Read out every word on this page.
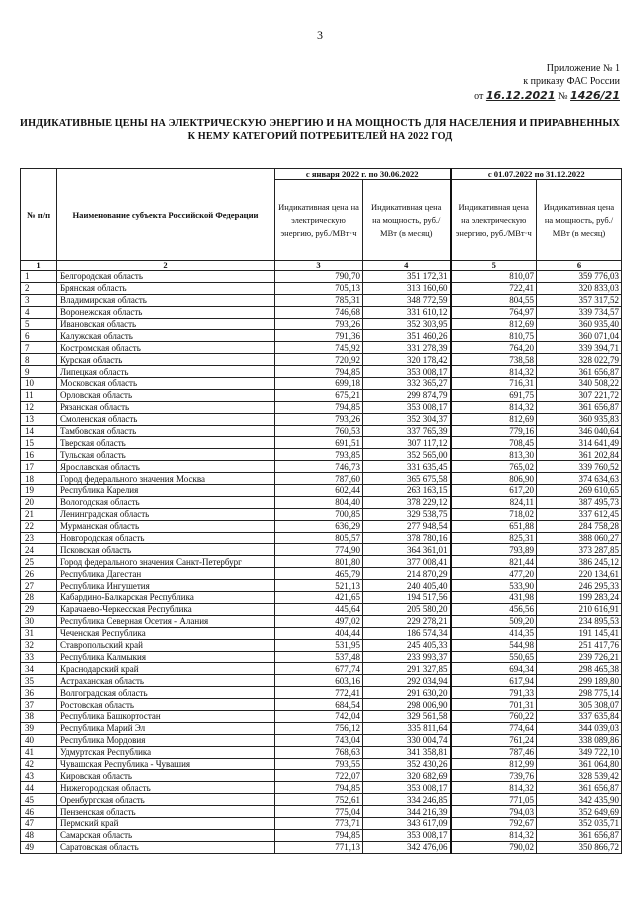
3
Приложение № 1
к приказу ФАС России
от 16.12.2021 № 1426/21
ИНДИКАТИВНЫЕ ЦЕНЫ НА ЭЛЕКТРИЧЕСКУЮ ЭНЕРГИЮ И НА МОЩНОСТЬ ДЛЯ НАСЕЛЕНИЯ И ПРИРАВНЕННЫХ К НЕМУ КАТЕГОРИЙ ПОТРЕБИТЕЛЕЙ НА 2022 ГОД
№ п/п	Наименование субъекта Российской Федерации	с января 2022 г. по 30.06.2022		с 01.07.2022 по 31.12.2022	
		Индикативная цена на электрическую энергию, руб./МВт·ч	Индикативная цена на мощность, руб./МВт (в месяц)	Индикативная цена на электрическую энергию, руб./МВт·ч	Индикативная цена на мощность, руб./МВт (в месяц)
1	2	3	4	5	6
1	Белгородская область	790,70	351 172,31	810,07	359 776,03
2	Брянская область	705,13	313 160,60	722,41	320 833,03
3	Владимирская область	785,31	348 772,59	804,55	357 317,52
4	Воронежская область	746,68	331 610,12	764,97	339 734,57
5	Ивановская область	793,26	352 303,95	812,69	360 935,40
6	Калужская область	791,36	351 460,26	810,75	360 071,04
7	Костромская область	745,92	331 278,39	764,20	339 394,71
8	Курская область	720,92	320 178,42	738,58	328 022,79
9	Липецкая область	794,85	353 008,17	814,32	361 656,87
10	Московская область	699,18	332 365,27	716,31	340 508,22
11	Орловская область	675,21	299 874,79	691,75	307 221,72
12	Рязанская область	794,85	353 008,17	814,32	361 656,87
13	Смоленская область	793,26	352 304,37	812,69	360 935,83
14	Тамбовская область	760,53	337 765,39	779,16	346 040,64
15	Тверская область	691,51	307 117,12	708,45	314 641,49
16	Тульская область	793,85	352 565,00	813,30	361 202,84
17	Ярославская область	746,73	331 635,45	765,02	339 760,52
18	Город федерального значения Москва	787,60	365 675,58	806,90	374 634,63
19	Республика Карелия	602,44	263 163,15	617,20	269 610,65
20	Вологодская область	804,40	378 229,12	824,11	387 495,73
21	Ленинградская область	700,85	329 538,75	718,02	337 612,45
22	Мурманская область	636,29	277 948,54	651,88	284 758,28
23	Новгородская область	805,57	378 780,16	825,31	388 060,27
24	Псковская область	774,90	364 361,01	793,89	373 287,85
25	Город федерального значения Санкт-Петербург	801,80	377 008,41	821,44	386 245,12
26	Республика Дагестан	465,79	214 870,29	477,20	220 134,61
27	Республика Ингушетия	521,13	240 405,40	533,90	246 295,33
28	Кабардино-Балкарская Республика	421,65	194 517,56	431,98	199 283,24
29	Карачаево-Черкесская Республика	445,64	205 580,20	456,56	210 616,91
30	Республика Северная Осетия - Алания	497,02	229 278,21	509,20	234 895,53
31	Чеченская Республика	404,44	186 574,34	414,35	191 145,41
32	Ставропольский край	531,95	245 405,33	544,98	251 417,76
33	Республика Калмыкия	537,48	233 993,37	550,65	239 726,21
34	Краснодарский край	677,74	291 327,85	694,34	298 465,38
35	Астраханская область	603,16	292 034,94	617,94	299 189,80
36	Волгоградская область	772,41	291 630,20	791,33	298 775,14
37	Ростовская область	684,54	298 006,90	701,31	305 308,07
38	Республика Башкортостан	742,04	329 561,58	760,22	337 635,84
39	Республика Марий Эл	756,12	335 811,64	774,64	344 039,03
40	Республика Мордовия	743,04	330 004,74	761,24	338 089,86
41	Удмуртская Республика	768,63	341 358,81	787,46	349 722,10
42	Чувашская Республика - Чувашия	793,55	352 430,26	812,99	361 064,80
43	Кировская область	722,07	320 682,69	739,76	328 539,42
44	Нижегородская область	794,85	353 008,17	814,32	361 656,87
45	Оренбургская область	752,61	334 246,85	771,05	342 435,90
46	Пензенская область	775,04	344 216,39	794,03	352 649,69
47	Пермский край	773,71	343 617,09	792,67	352 035,71
48	Самарская область	794,85	353 008,17	814,32	361 656,87
49	Саратовская область	771,13	342 476,06	790,02	350 866,72
